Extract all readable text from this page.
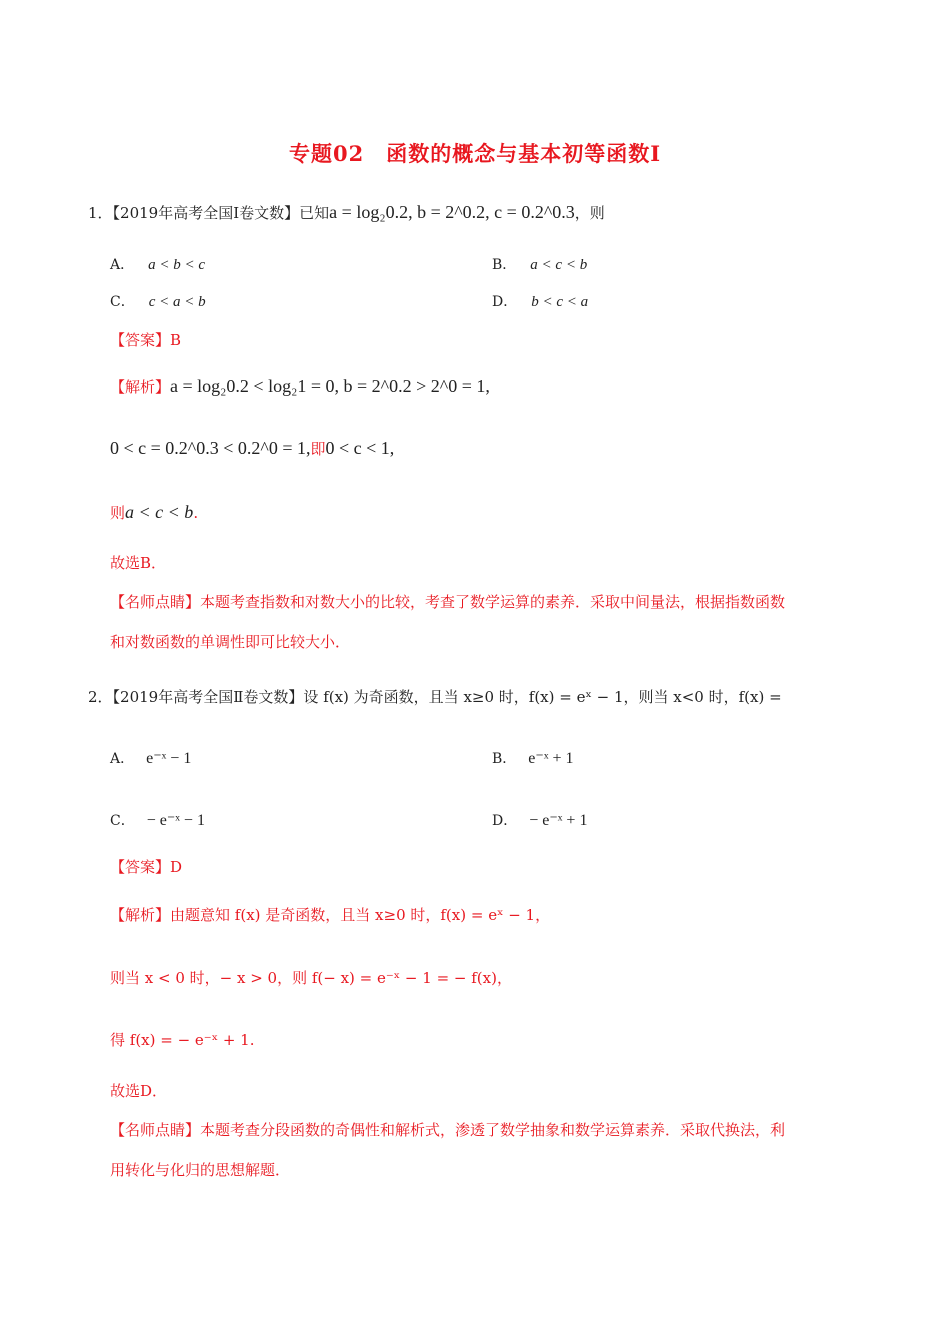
专题02　函数的概念与基本初等函数Ⅰ
1．【2019年高考全国Ⅰ卷文数】已知a = log₂0.2, b = 2^0.2, c = 0.2^0.3，则
A． a < b < c	B． a < c < b
C． c < a < b	D． b < c < a
【答案】B
【解析】a = log₂0.2 < log₂1 = 0, b = 2^0.2 > 2^0 = 1,
0 < c = 0.2^0.3 < 0.2^0 = 1,即0 < c < 1,
则a < c < b.
故选B．
【名师点睛】本题考查指数和对数大小的比较，考查了数学运算的素养．采取中间量法，根据指数函数
和对数函数的单调性即可比较大小．
2．【2019年高考全国Ⅱ卷文数】设 f(x) 为奇函数，且当 x≥0 时，f(x) = eˣ − 1，则当 x<0 时，f(x) =
A． e⁻ˣ − 1	B． e⁻ˣ + 1
C． − e⁻ˣ − 1	D． − e⁻ˣ + 1
【答案】D
【解析】由题意知 f(x) 是奇函数，且当 x≥0 时，f(x) = eˣ − 1，
则当 x < 0 时，− x > 0，则 f(− x) = e⁻ˣ − 1 = − f(x)，
得 f(x) = − e⁻ˣ + 1.
故选D．
【名师点睛】本题考查分段函数的奇偶性和解析式，渗透了数学抽象和数学运算素养．采取代换法，利
用转化与化归的思想解题．
